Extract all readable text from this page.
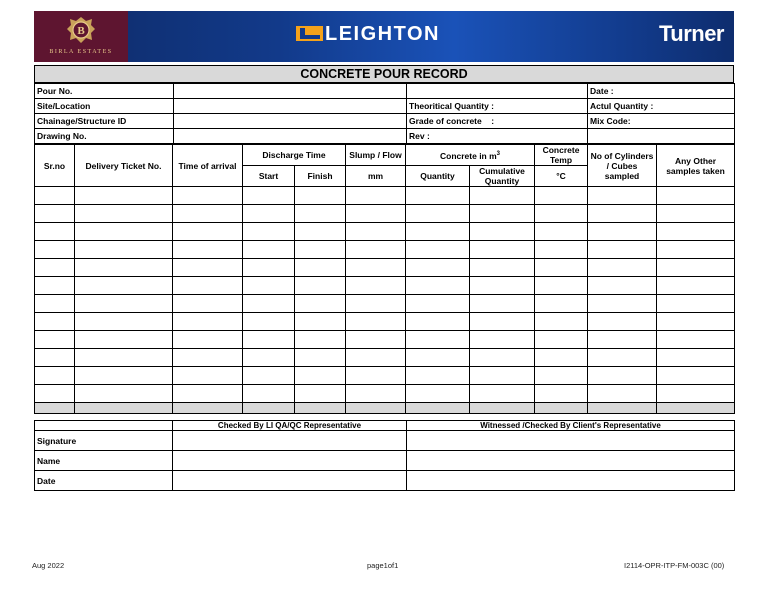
B
BIRLA ESTATES
LEIGHTON	Turner
CONCRETE POUR RECORD
Pour No.			Date :
Site/Location		Theoritical Quantity :	Actul Quantity :
Chainage/Structure ID		Grade of concrete    :	Mix Code:
Drawing No.		Rev :	
Sr.no	Delivery Ticket No.	Time of arrival	Discharge Time		Slump / Flow	Concrete in $m^3$		Concrete Temp	No of Cylinders / Cubes sampled	Any Other samples taken
			Start	Finish	mm	Quantity	Cumulative Quantity	°C		

	Checked By LI QA/QC Representative	Witnessed /Checked By Client's Representative
Signature		
Name		
Date		
Aug 2022	page1of1	I2114-OPR-ITP-FM-003C (00)
